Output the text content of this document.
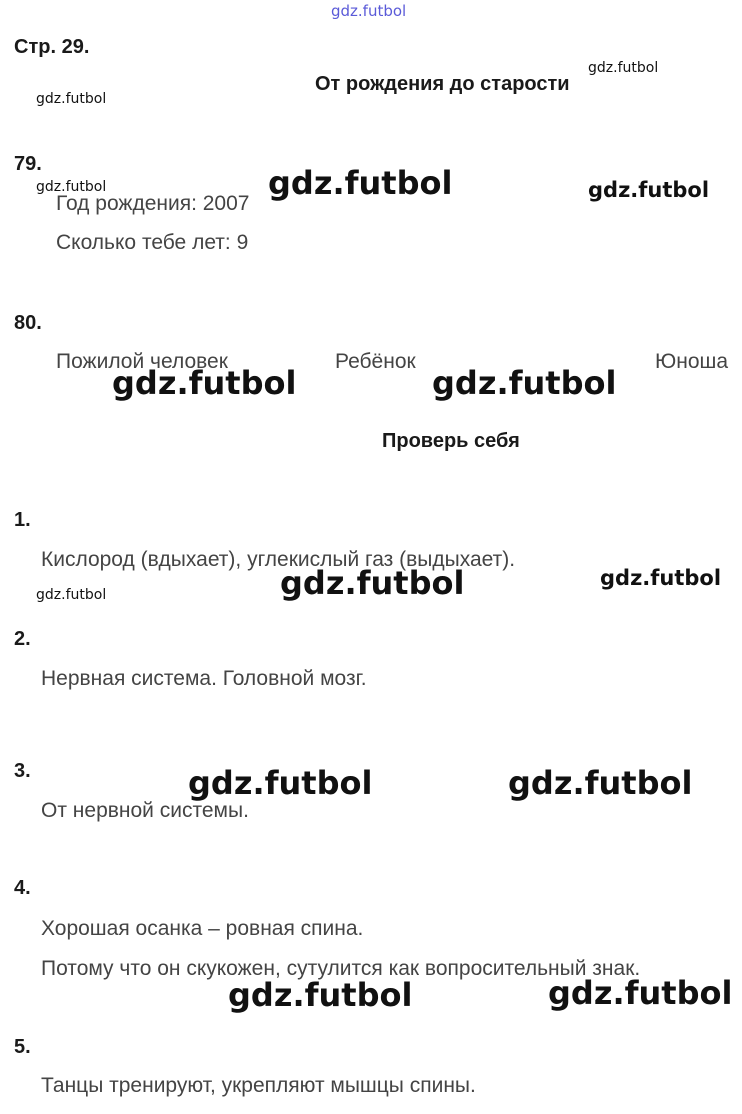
gdz.futbol
Стр. 29.
От рождения до старости
79.
Год рождения: 2007
Сколько тебе лет: 9
80.
Пожилой человек	Ребёнок	Юноша
Проверь себя
1.
Кислород (вдыхает), углекислый газ (выдыхает).
2.
Нервная система. Головной мозг.
3.
От нервной системы.
4.
Хорошая осанка – ровная спина.
Потому что он скукожен, сутулится как вопросительный знак.
5.
Танцы тренируют, укрепляют мышцы спины.
gdz.futbol
gdz.futbol
gdz.futbol	gdz.futbol	gdz.futbol
gdz.futbol	gdz.futbol
gdz.futbol	gdz.futbol
gdz.futbol
gdz.futbol	gdz.futbol
gdz.futbol	gdz.futbol
